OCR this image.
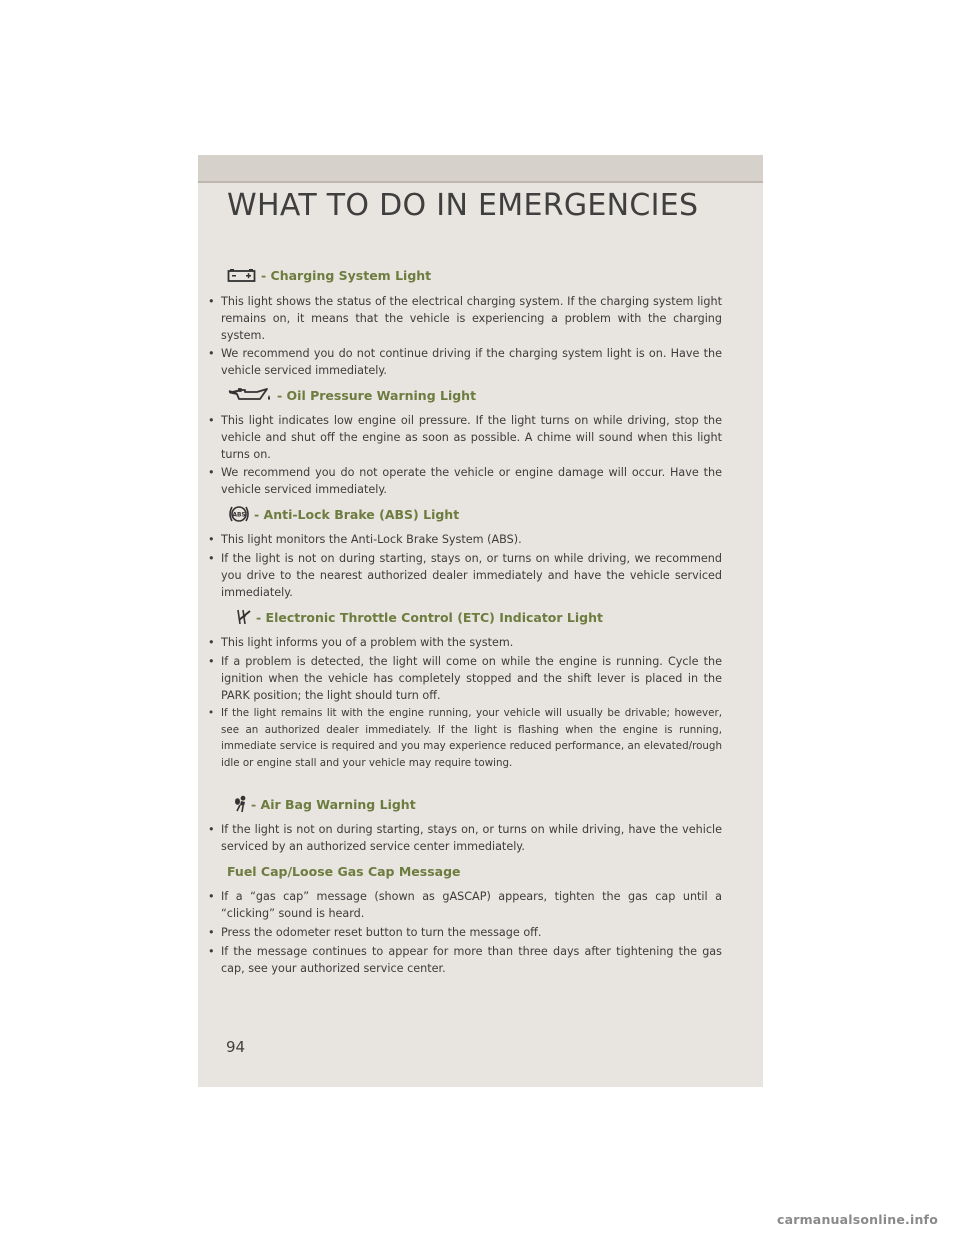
WHAT TO DO IN EMERGENCIES
- Charging System Light
• This light shows the status of the electrical charging system. If the charging system light remains on, it means that the vehicle is experiencing a problem with the charging system.
• We recommend you do not continue driving if the charging system light is on. Have the vehicle serviced immediately.
- Oil Pressure Warning Light
• This light indicates low engine oil pressure. If the light turns on while driving, stop the vehicle and shut off the engine as soon as possible. A chime will sound when this light turns on.
• We recommend you do not operate the vehicle or engine damage will occur. Have the vehicle serviced immediately.
ABS - Anti-Lock Brake (ABS) Light
• This light monitors the Anti-Lock Brake System (ABS).
• If the light is not on during starting, stays on, or turns on while driving, we recommend you drive to the nearest authorized dealer immediately and have the vehicle serviced immediately.
- Electronic Throttle Control (ETC) Indicator Light
• This light informs you of a problem with the system.
• If a problem is detected, the light will come on while the engine is running. Cycle the ignition when the vehicle has completely stopped and the shift lever is placed in the PARK position; the light should turn off.
• If the light remains lit with the engine running, your vehicle will usually be drivable; however, see an authorized dealer immediately. If the light is flashing when the engine is running, immediate service is required and you may experience reduced performance, an elevated/rough idle or engine stall and your vehicle may require towing.
- Air Bag Warning Light
• If the light is not on during starting, stays on, or turns on while driving, have the vehicle serviced by an authorized service center immediately.
Fuel Cap/Loose Gas Cap Message
• If a “gas cap” message (shown as gASCAP) appears, tighten the gas cap until a “clicking” sound is heard.
• Press the odometer reset button to turn the message off.
• If the message continues to appear for more than three days after tightening the gas cap, see your authorized service center.

94

carmanualsonline.info
